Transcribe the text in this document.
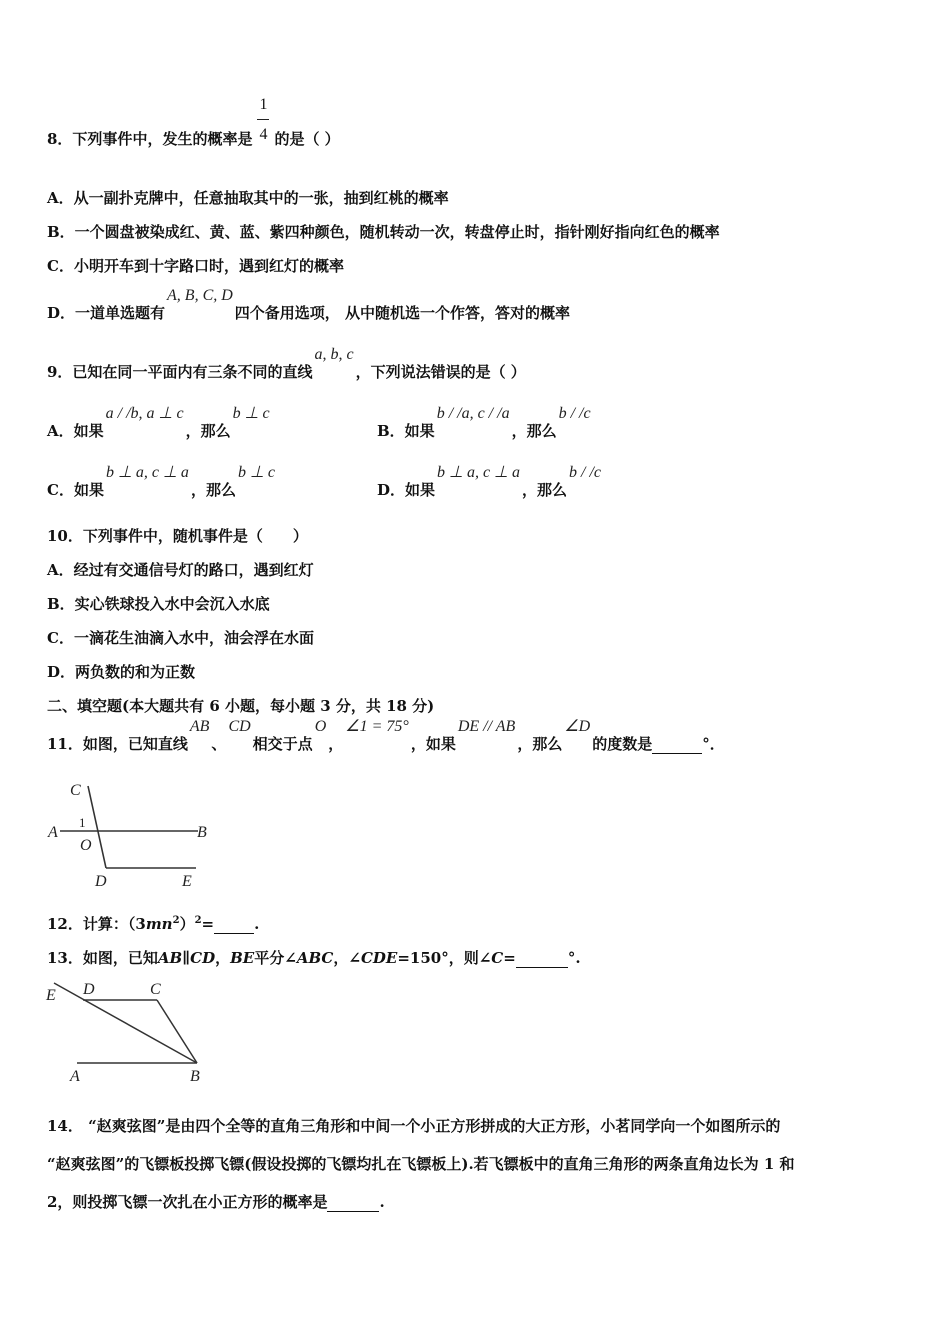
8．下列事件中，发生的概率是 $\frac{1}{4}$ 的是（ ）
A．从一副扑克牌中，任意抽取其中的一张，抽到红桃的概率
B．一个圆盘被染成红、黄、蓝、紫四种颜色，随机转动一次，转盘停止时，指针刚好指向红色的概率
C．小明开车到十字路口时，遇到红灯的概率
D．一道单选题有A, B, C, D四个备用选项， 从中随机选一个作答，答对的概率
9．已知在同一平面内有三条不同的直线a, b, c，下列说法错误的是（ ）
A．如果a / /b, a ⊥ c，那么b ⊥ c
B．如果b / /a, c / /a，那么b / /c
C．如果b ⊥ a, c ⊥ a，那么b ⊥ c
D．如果b ⊥ a, c ⊥ a，那么b / /c
10．下列事件中，随机事件是（　　）
A．经过有交通信号灯的路口，遇到红灯
B．实心铁球投入水中会沉入水底
C．一滴花生油滴入水中，油会浮在水面
D．两负数的和为正数
二、填空题(本大题共有 6 小题，每小题 3 分，共 18 分)
11．如图，已知直线AB、CD相交于点O，∠1 = 75°，如果DE // AB，那么∠D的度数是	°．
C
A
1
O
B
D	E
12．计算：$(3mn^2)^2=$	.
13．如图，已知AB∥CD，BE平分∠ABC，∠CDE=150°，则∠C=	°.
E D	C
A	B
14． “赵爽弦图”是由四个全等的直角三角形和中间一个小正方形拼成的大正方形，小茗同学向一个如图所示的
“赵爽弦图”的飞镖板投掷飞镖(假设投掷的飞镖均扎在飞镖板上).若飞镖板中的直角三角形的两条直角边长为 1 和
2，则投掷飞镖一次扎在小正方形的概率是	.
